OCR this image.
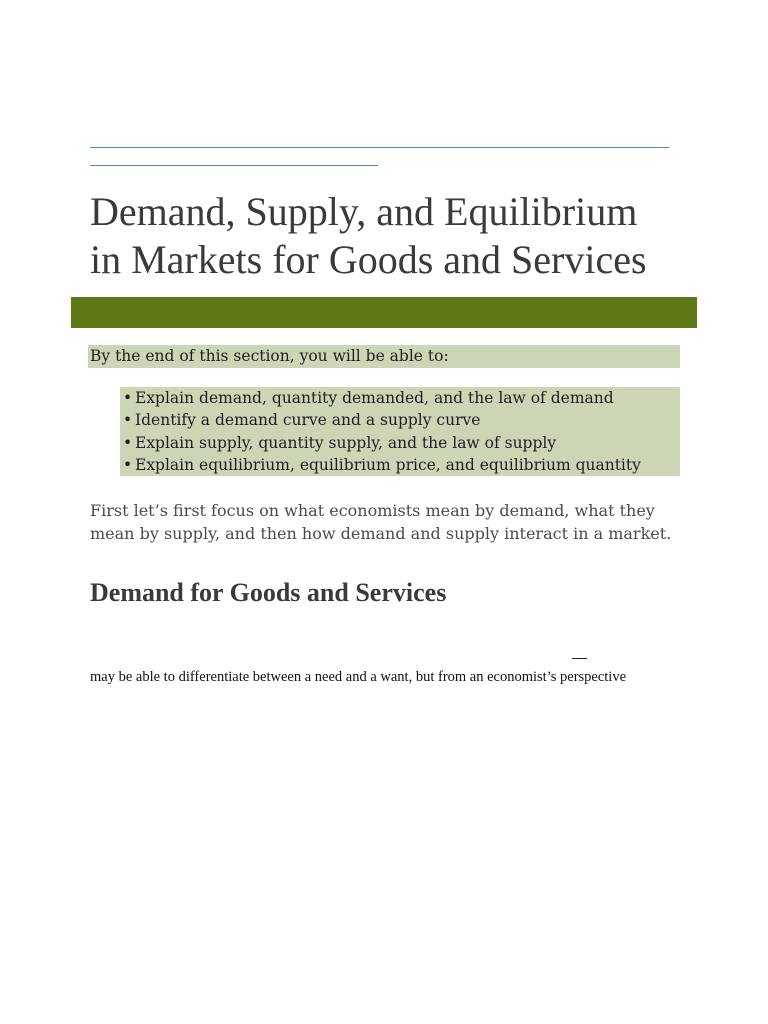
Demand, Supply, and Equilibrium
in Markets for Goods and Services
By the end of this section, you will be able to:
• Explain demand, quantity demanded, and the law of demand
• Identify a demand curve and a supply curve
• Explain supply, quantity supply, and the law of supply
• Explain equilibrium, equilibrium price, and equilibrium quantity

First let’s first focus on what economists mean by demand, what they mean by supply, and then how demand and supply interact in a market.

Demand for Goods and Services

may be able to differentiate between a need and a want, but from an economist’s perspective
